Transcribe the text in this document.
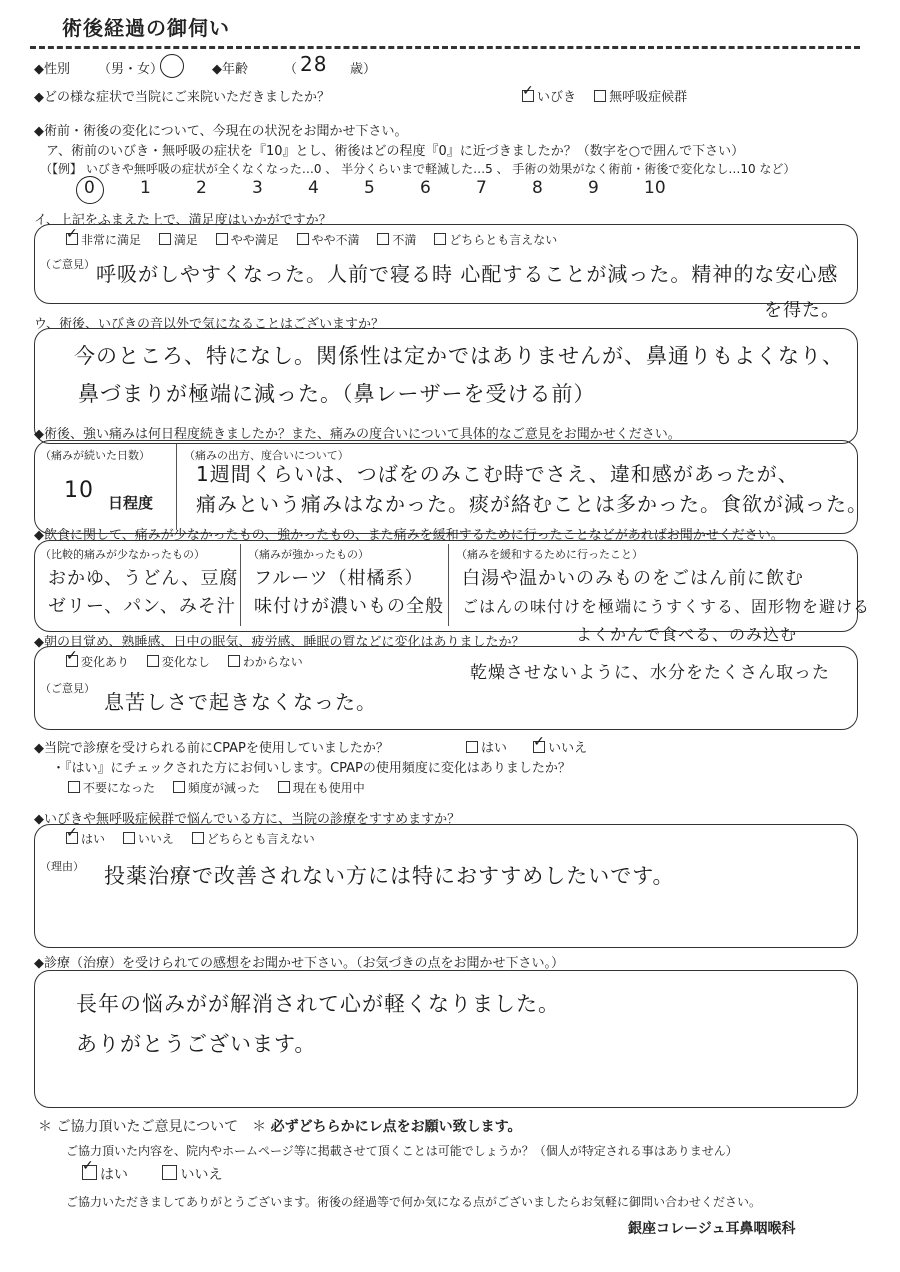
術後経過の御伺い
◆性別 （男・女）	◆年齢	（ 28 歳）
◆どの様な症状で当院にご来院いただきましたか？ ✓	いびき	無呼吸症候群
◆術前・術後の変化について、今現在の状況をお聞かせ下さい。
ア、術前のいびき・無呼吸の症状を『10』とし、術後はどの程度『0』に近づきましたか？（数字を○で囲んで下さい）
（【例】 いびきや無呼吸の症状が全くなくなった…0 、 半分くらいまで軽減した…5 、 手術の効果がなく術前・術後で変化なし…10 など）
0	1	2	3	4	5	6	7	8	9	10
イ、上記をふまえた上で、満足度はいかがですか？
✓非常に満足	満足	やや満足	やや不満	不満	どちらとも言えない
（ご意見） 呼吸がしやすくなった。人前で寝る時 心配することが減った。精神的な安心感
を得た。
ウ、術後、いびきの音以外で気になることはございますか？
今のところ、特になし。関係性は定かではありませんが、鼻通りもよくなり、
鼻づまりが極端に減った。（鼻レーザーを受ける前）
◆術後、強い痛みは何日程度続きましたか？また、痛みの度合いについて具体的なご意見をお聞かせください。
（痛みが続いた日数）
10 日程度
（痛みの出方、度合いについて）
1週間くらいは、つばをのみこむ時でさえ、違和感があったが、
痛みという痛みはなかった。痰が絡むことは多かった。食欲が減った。
◆飲食に関して、痛みが少なかったもの、強かったもの、また痛みを緩和するために行ったことなどがあればお聞かせください。
（比較的痛みが少なかったもの）
おかゆ、うどん、豆腐
ゼリー、パン、みそ汁
（痛みが強かったもの）
フルーツ（柑橘系）
味付けが濃いもの全般
（痛みを緩和するために行ったこと）
白湯や温かいのみものをごはん前に飲む
ごはんの味付けを極端にうすくする、固形物を避ける
よくかんで食べる、のみ込む
◆朝の目覚め、熟睡感、日中の眠気、疲労感、睡眠の質などに変化はありましたか？
✓変化あり	変化なし	わからない
乾燥させないように、水分をたくさん取った
（ご意見）
息苦しさで起きなくなった。
◆当院で診療を受けられる前にCPAPを使用していましたか？	はい ✓	いいえ
・『はい』にチェックされた方にお伺いします。CPAPの使用頻度に変化はありましたか？
不要になった	頻度が減った	現在も使用中
◆いびきや無呼吸症候群で悩んでいる方に、当院の診療をすすめますか？
✓はい	いいえ	どちらとも言えない
（理由） 投薬治療で改善されない方には特におすすめしたいです。
◆診療（治療）を受けられての感想をお聞かせ下さい。（お気づきの点をお聞かせ下さい。）
長年の悩みがが解消されて心が軽くなりました。
ありがとうございます。
＊ ご協力頂いたご意見について　＊ 必ずどちらかにレ点をお願い致します。
ご協力頂いた内容を、院内やホームページ等に掲載させて頂くことは可能でしょうか？（個人が特定される事はありません）
✓はい	いいえ
ご協力いただきましてありがとうございます。術後の経過等で何か気になる点がございましたらお気軽に御問い合わせください。
銀座コレージュ耳鼻咽喉科
